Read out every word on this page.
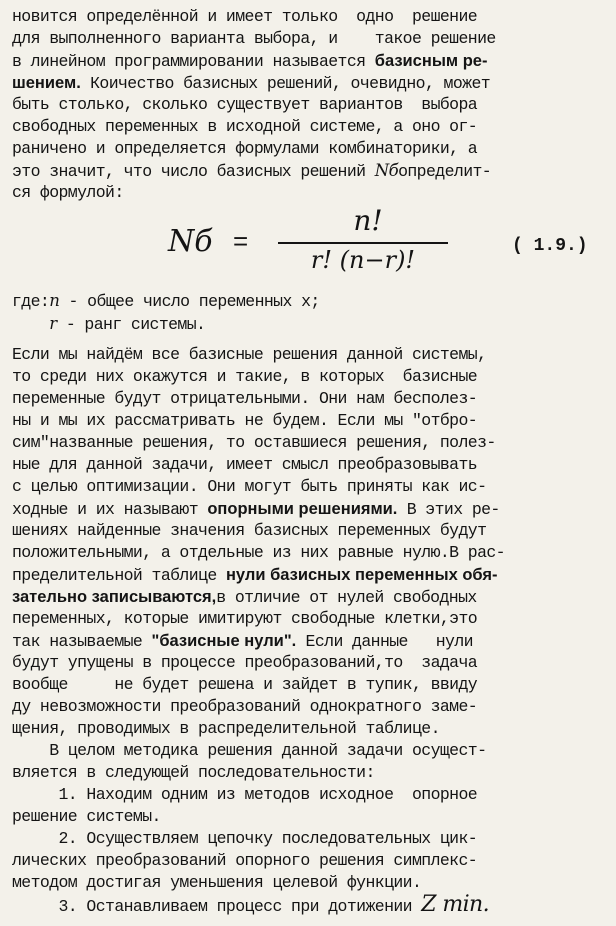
новится определённой и имеет только  одно  решение
для выполненного варианта выбора, и    такое решение
в линейном программировании называется базисным ре-
шением. Коичество базисных решений, очевидно, может
быть столько, сколько существует вариантов  выбора
свободных переменных в исходной системе, а оно ог-
раничено и определяется формулами комбинаторики, а
это значит, что число базисных решений Nбопределит-
ся формулой:
Nб =
n!
r! (n−r)!	( 1.9.)
где:n - общее число переменных x;
r - ранг системы.
Если мы найдём все базисные решения данной системы,
то среди них окажутся и такие, в которых  базисные
переменные будут отрицательными. Они нам бесполез-
ны и мы их рассматривать не будем. Если мы "отбро-
сим"названные решения, то оставшиеся решения, полез-
ные для данной задачи, имеет смысл преобразовывать
с целью оптимизации. Они могут быть приняты как ис-
ходные и их называют опорными решениями. В этих ре-
шениях найденные значения базисных переменных будут
положительными, а отдельные из них равные нулю.В рас-
пределительной таблице нули базисных переменных обя-
зательно записываются,в отличие от нулей свободных
переменных, которые имитируют свободные клетки,это
так называемые "базисные нули". Если данные   нули
будут упущены в процессе преобразований,то  задача
вообще     не будет решена и зайдет в тупик, ввиду
ду невозможности преобразований однократного заме-
щения, проводимых в распределительной таблице.
В целом методика решения данной задачи осущест-
вляется в следующей последовательности:
1. Находим одним из методов исходное  опорное
решение системы.
2. Осуществляем цепочку последовательных цик-
лических преобразований опорного решения симплекс-
методом достигая уменьшения целевой функции.
3. Останавливаем процесс при дотижении Z min.
